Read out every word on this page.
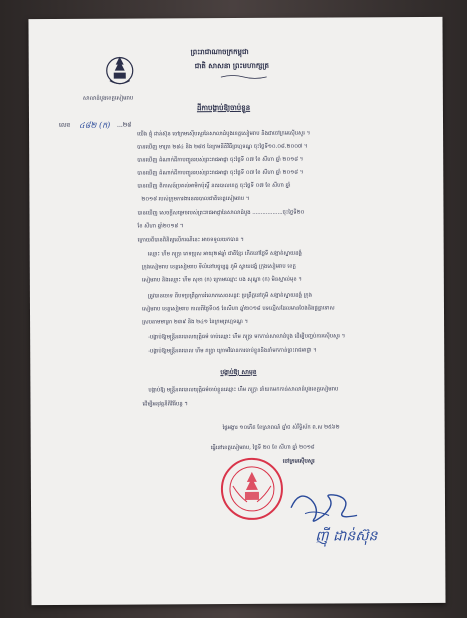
សាលាដំបូងខេត្តសៀមរាប
ព្រះរាជាណាចក្រកម្ពុជា
ជាតិ សាសនា ព្រះមហាក្សត្រ
ដីកាបង្គាប់ឱ្យចាប់ខ្លួន
លេខ ៤៨២ (ក) ...២៨
យើង ផ្ញុំ ដាន់ស៊ុន ចៅក្រមស៊ើបសួរនៃសាលាដំបូងខេត្តសៀមរាប និងជាចៅក្រមស៊ើបសួរ ។
បានឃើញ មាត្រា ២៨៤ និង ២៨៥ នៃក្រមនីតិវិធីព្រហ្មទណ្ឌ ចុះថ្ងៃទី១០.០៨.២០០៧ ។
បានឃើញ ដំណាក់ដីកាបញ្ជូនរបស់ព្រះរាជអាជ្ញា ចុះថ្ងៃទី ០៧ ខែ សីហា ឆ្នាំ ២០១៨ ។
បានឃើញ ដំណាក់ដីកាបញ្ជូនរបស់ព្រះរាជអាជ្ញា ចុះថ្ងៃទី ០៧ ខែ សីហា ឆ្នាំ ២០១៨ ។
បានឃើញ ពិភាសន៍ប្រគល់អាមិកប៉ុស្តិ៍ នគរបាលខេត្ត ចុះថ្ងៃទី ០៧ ខែ សីហា ឆ្នាំ
២០១៨ របស់ក្រុមការងារនគរបាលជាតិខេត្តសៀមរាប ។
បានឃើញ សេចក្ដីសម្រេចរបស់ព្រះរាជអាជ្ញានៃសាលាដំបូង ..................ចុះថ្ងៃទី២០
ខែ សីហា ឆ្នាំ២០១៨ ។
ក្រោយពីបានពិនិត្យលើករណីនេះ អាចទទួលយកបាន ។
ឈ្មោះ ហឹម ភក្ត្រា ភេទប្រុស អាយុ២៨ឆ្នាំ ជាតិខ្មែរ កើតនៅថ្ងៃទី សង្កាត់ស្វាយដង្គំ
ក្រុងសៀមរាប ខេត្តសៀមរាប ទីលំនៅបច្ចុប្បន្ន ភូមិ ស្វាយដង្គំ ក្រុងសៀមរាប ខេត្ត
សៀមរាប និងឈ្មោះ ហឹម សុខា (ក) ក្រោមឈ្មោះ បង សុណ្ឌា (ក) មិនស្គាល់មុខ ។
ត្រូវបានចោទ ពីបទប្រព្រឹត្តការរំលោភសេពសន្ថវៈ ប្រព្រឹត្តនៅភូមិ សង្កាត់ស្វាយដង្គំ ក្រុង
សៀមរាប ខេត្តសៀមរាប កាលពីថ្ងៃទី០៥ ខែសីហា ឆ្នាំ២០១៨ បទល្មើសដែលមានចែងនិងផ្ដន្ទាទោស
ស្របតាមមាត្រា ២៣៩ និង ២៤១ នៃក្រមព្រហ្មទណ្ឌ ។
-បង្គាប់ឱ្យមន្ត្រីនគរបាលយុត្តិធម៌ ចាប់ឈ្មោះ ហឹម ភក្ត្រា មកកាន់សាលាដំបូង ដើម្បីបញ្ចប់ការស៊ើបសួរ ។
-បង្គាប់ឱ្យមន្ត្រីនគរបាល ហឹម ភក្ត្រា ក្រោមវិធានការចាប់ខ្លួននិងនាំមកកាន់ព្រះរាជអាជ្ញា ។
បង្គាប់ឱ្យ សាមុខ
បង្គាប់ឱ្យ មន្ត្រីនគរបាលយុត្តិធម៌ចាប់ខ្លួនឈ្មោះ ហឹម ភក្ត្រា នាំយកមកកាន់សាលាដំបូងខេត្តសៀមរាប
ដើម្បីអនុវត្តនីតិវិធីបន្ត ។
ថ្ងៃអង្គារ ១០កើត ខែស្រាពណ៍ ឆ្នាំច សំរឹទ្ធិស័ក ព.ស ២៥៦២
ធ្វើនៅខេត្តសៀមរាប, ថ្ងៃទី ២០ ខែ សីហា ឆ្នាំ ២០១៨
ចៅក្រមស៊ើបសួរ
ញ៉ី ដាន់ស៊ុន
